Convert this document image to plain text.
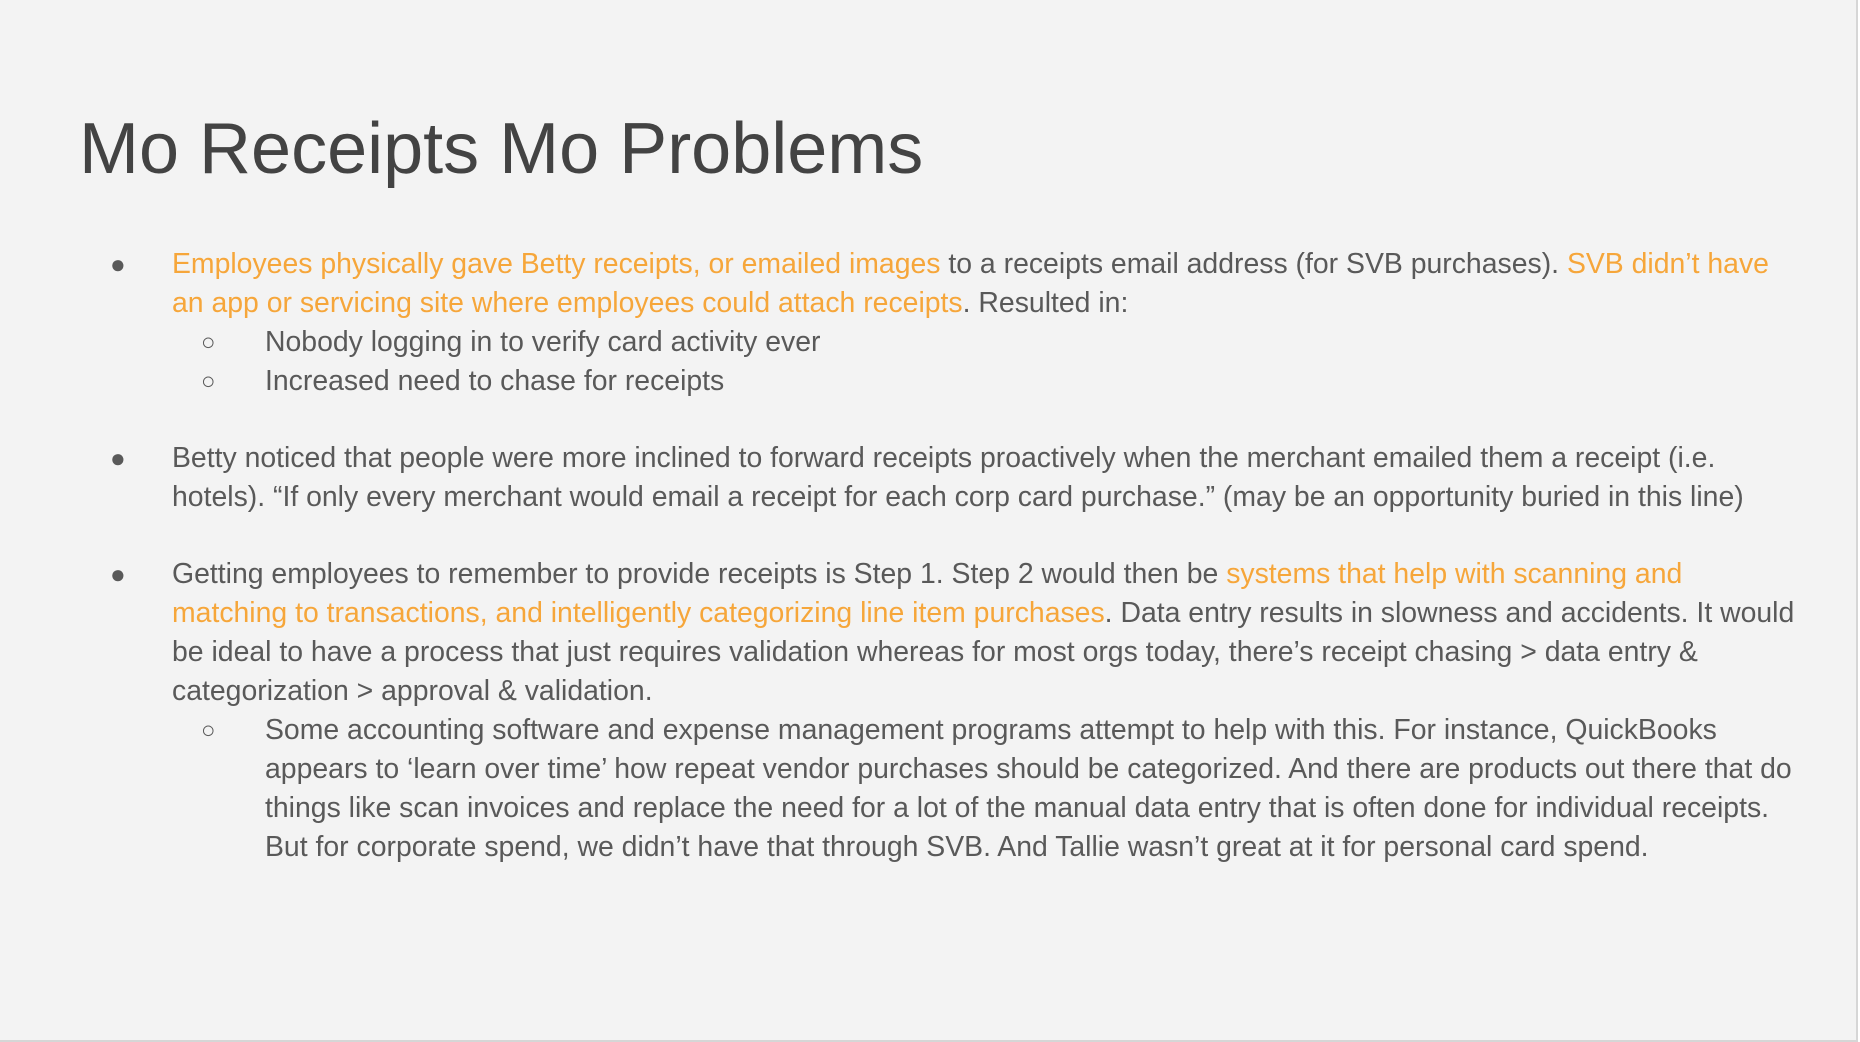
Mo Receipts Mo Problems
● Employees physically gave Betty receipts, or emailed images to a receipts email address (for SVB purchases). SVB didn’t have an app or servicing site where employees could attach receipts. Resulted in:
○ Nobody logging in to verify card activity ever
○ Increased need to chase for receipts
● Betty noticed that people were more inclined to forward receipts proactively when the merchant emailed them a receipt (i.e. hotels). “If only every merchant would email a receipt for each corp card purchase.” (may be an opportunity buried in this line)
● Getting employees to remember to provide receipts is Step 1. Step 2 would then be systems that help with scanning and matching to transactions, and intelligently categorizing line item purchases. Data entry results in slowness and accidents. It would be ideal to have a process that just requires validation whereas for most orgs today, there’s receipt chasing > data entry & categorization > approval & validation.
○ Some accounting software and expense management programs attempt to help with this. For instance, QuickBooks appears to ‘learn over time’ how repeat vendor purchases should be categorized. And there are products out there that do things like scan invoices and replace the need for a lot of the manual data entry that is often done for individual receipts. But for corporate spend, we didn’t have that through SVB. And Tallie wasn’t great at it for personal card spend.
